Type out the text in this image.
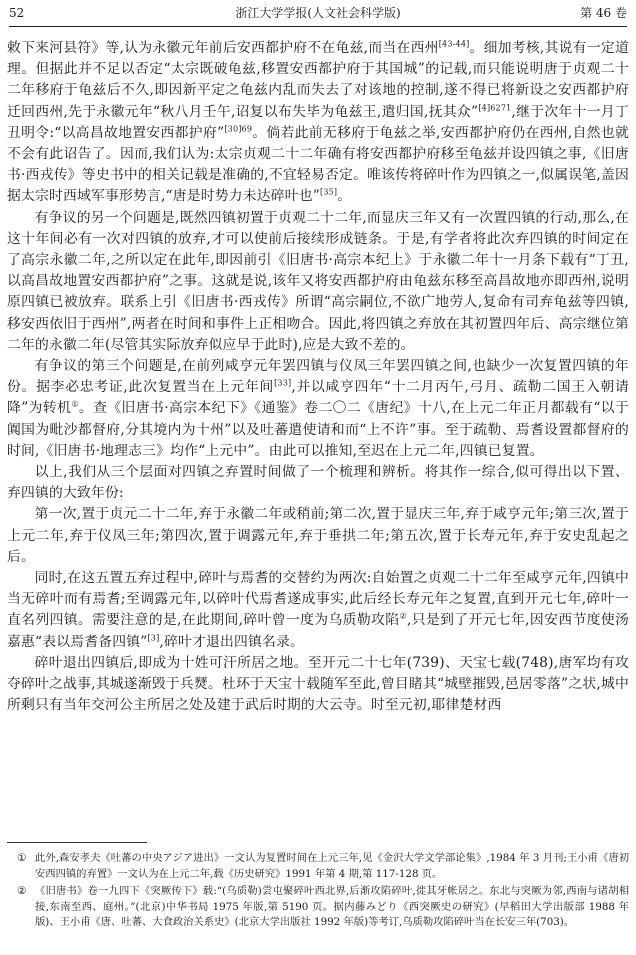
52	浙江大学学报(人文社会科学版)	第 46 卷

敕下来河县符》等,认为永徽元年前后安西都护府不在龟兹,而当在西州[43-44]。细加考核,其说有一定道理。但据此并不足以否定“太宗既破龟兹,移置安西都护府于其国城”的记载,而只能说明唐于贞观二十二年移府于龟兹后不久,即因新平定之龟兹内乱而失去了对该地的控制,遂不得已将新设之安西都护府迁回西州,先于永徽元年“秋八月壬午,诏复以布失毕为龟兹王,遣归国,抚其众”$^{[4]6271}$,继于次年十一月丁丑明令:“以高昌故地置安西都护府”$^{[30]69}$。倘若此前无移府于龟兹之举,安西都护府仍在西州,自然也就不会有此诏告了。因而,我们认为:太宗贞观二十二年确有将安西都护府移至龟兹并设四镇之事,《旧唐书·西戎传》等史书中的相关记载是准确的,不宜轻易否定。唯该传将碎叶作为四镇之一,似属误笔,盖因据太宗时西域军事形势言,“唐是时势力未达碎叶也”[35]。

有争议的另一个问题是,既然四镇初置于贞观二十二年,而显庆三年又有一次置四镇的行动,那么,在这十年间必有一次对四镇的放弃,才可以使前后接续形成链条。于是,有学者将此次弃四镇的时间定在了高宗永徽二年,之所以定在此年,即因前引《旧唐书·高宗本纪上》于永徽二年十一月条下载有“丁丑,以高昌故地置安西都护府”之事。这就是说,该年又将安西都护府由龟兹东移至高昌故地亦即西州,说明原四镇已被放弃。联系上引《旧唐书·西戎传》所谓“高宗嗣位,不欲广地劳人,复命有司弃龟兹等四镇,移安西依旧于西州”,两者在时间和事件上正相吻合。因此,将四镇之弃放在其初置四年后、高宗继位第二年的永徽二年(尽管其实际放弃似应早于此时),应是大致不差的。

有争议的第三个问题是,在前列咸亨元年罢四镇与仪凤三年罢四镇之间,也缺少一次复置四镇的年份。据李必忠考证,此次复置当在上元年间[33],并以咸亨四年“十二月丙午,弓月、疏勒二国王入朝请降”为转机①。查《旧唐书·高宗本纪下》《通鉴》卷二〇二《唐纪》十八,在上元二年正月都载有“以于阗国为毗沙都督府,分其境内为十州”以及吐蕃遣使请和而“上不许”事。至于疏勒、焉耆设置都督府的时间,《旧唐书·地理志三》均作“上元中”。由此可以推知,至迟在上元二年,四镇已复置。

以上,我们从三个层面对四镇之弃置时间做了一个梳理和辨析。将其作一综合,似可得出以下置、弃四镇的大致年份:

第一次,置于贞元二十二年,弃于永徽二年或稍前;第二次,置于显庆三年,弃于咸亨元年;第三次,置于上元二年,弃于仪凤三年;第四次,置于调露元年,弃于垂拱二年;第五次,置于长寿元年,弃于安史乱起之后。

同时,在这五置五弃过程中,碎叶与焉耆的交替约为两次:自始置之贞观二十二年至咸亨元年,四镇中当无碎叶而有焉耆;至调露元年,以碎叶代焉耆遂成事实,此后经长寿元年之复置,直到开元七年,碎叶一直名列四镇。需要注意的是,在此期间,碎叶曾一度为乌质勒攻陷②,只是到了开元七年,因安西节度使汤嘉惠“表以焉耆备四镇”[3],碎叶才退出四镇名录。

碎叶退出四镇后,即成为十姓可汗所居之地。至开元二十七年(739)、天宝七载(748),唐军均有攻夺碎叶之战事,其城遂渐毁于兵燹。杜环于天宝十载随军至此,曾目睹其“城壁摧毁,邑居零落”之状,城中所剩只有当年交河公主所居之处及建于武后时期的大云寺。时至元初,耶律楚材西

① 此外,森安孝夫《吐蕃の中央アジア进出》一文认为复置时间在上元三年,见《金沢大学文学部论集》,1984 年 3 月刊;王小甫《唐初安西四镇的弃置》一文认为在上元二年,载《历史研究》1991 年第 4 期,第 117-128 页。
② 《旧唐书》卷一九四下《突厥传下》载:“(乌质勒)尝屯聚碎叶西北界,后渐攻陷碎叶,徙其牙帐居之。东北与突厥为邻,西南与诸胡相接,东南至西、庭州。”(北京)中华书局 1975 年版,第 5190 页。据内藤みどり《西突厥史の研究》(早稻田大学出版部 1988 年版)、王小甫《唐、吐蕃、大食政治关系史》(北京大学出版社 1992 年版)等考订,乌质勒攻陷碎叶当在长安三年(703)。
